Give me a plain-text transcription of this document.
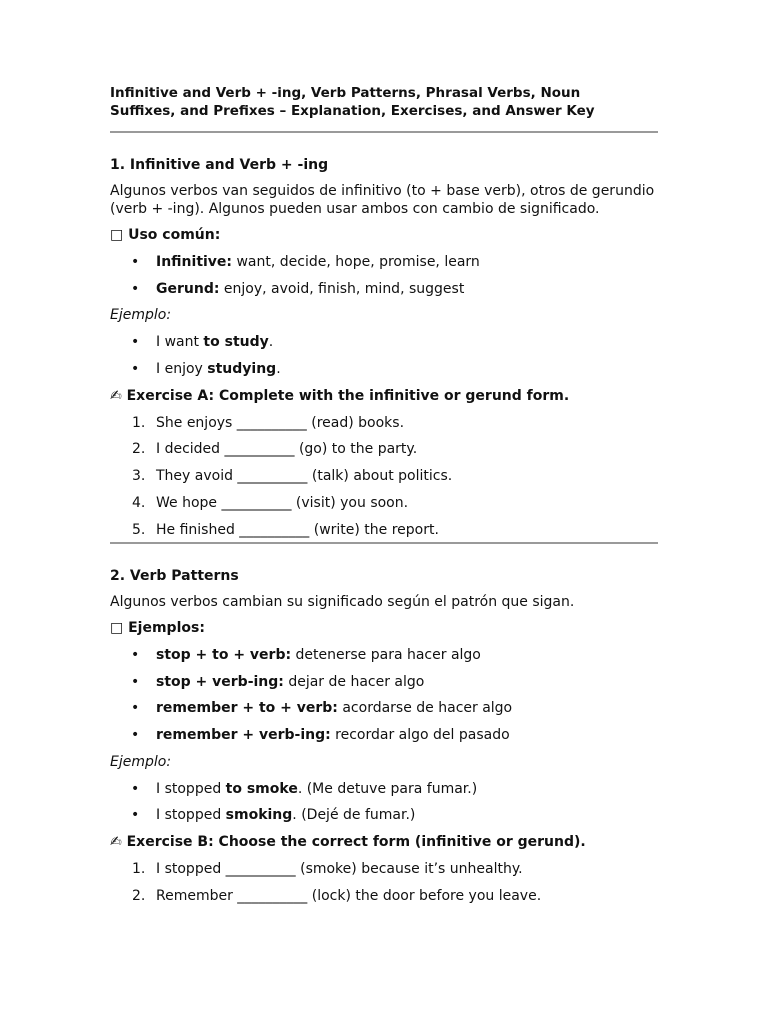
Infinitive and Verb + -ing, Verb Patterns, Phrasal Verbs, Noun
Suffixes, and Prefixes – Explanation, Exercises, and Answer Key
1. Infinitive and Verb + -ing
Algunos verbos van seguidos de infinitivo (to + base verb), otros de gerundio (verb + -ing). Algunos pueden usar ambos con cambio de significado.
□ Uso común:
• Infinitive: want, decide, hope, promise, learn
• Gerund: enjoy, avoid, finish, mind, suggest
Ejemplo:
• I want to study.
• I enjoy studying.
✍ Exercise A: Complete with the infinitive or gerund form.
1. She enjoys __________ (read) books.
2. I decided __________ (go) to the party.
3. They avoid __________ (talk) about politics.
4. We hope __________ (visit) you soon.
5. He finished __________ (write) the report.
2. Verb Patterns
Algunos verbos cambian su significado según el patrón que sigan.
□ Ejemplos:
• stop + to + verb: detenerse para hacer algo
• stop + verb-ing: dejar de hacer algo
• remember + to + verb: acordarse de hacer algo
• remember + verb-ing: recordar algo del pasado
Ejemplo:
• I stopped to smoke. (Me detuve para fumar.)
• I stopped smoking. (Dejé de fumar.)
✍ Exercise B: Choose the correct form (infinitive or gerund).
1. I stopped __________ (smoke) because it’s unhealthy.
2. Remember __________ (lock) the door before you leave.
